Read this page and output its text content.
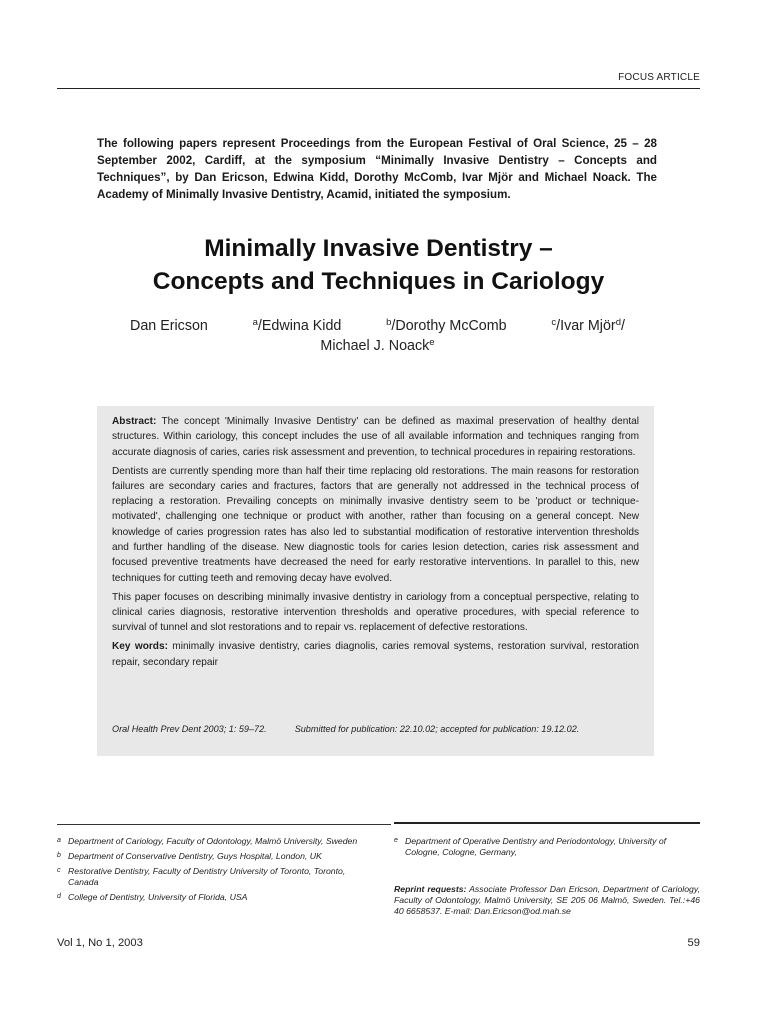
FOCUS ARTICLE
The following papers represent Proceedings from the European Festival of Oral Science, 25 – 28 September 2002, Cardiff, at the symposium “Minimally Invasive Dentistry – Concepts and Techniques”, by Dan Ericson, Edwina Kidd, Dorothy McComb, Ivar Mjör and Michael Noack. The Academy of Minimally Invasive Dentistry, Acamid, initiated the symposium.
Minimally Invasive Dentistry –
Concepts and Techniques in Cariology
Dan Ericson	$^a$/Edwina Kidd	$^b$/Dorothy McComb	$^c$/Ivar Mjör$^d$/
Michael J. Noack$^e$

Abstract: The concept 'Minimally Invasive Dentistry' can be defined as maximal preservation of healthy dental structures. Within cariology, this concept includes the use of all available information and techniques ranging from accurate diagnosis of caries, caries risk assessment and prevention, to technical procedures in repairing restorations.

Dentists are currently spending more than half their time replacing old restorations. The main reasons for restoration failures are secondary caries and fractures, factors that are generally not addressed in the technical process of replacing a restoration. Prevailing concepts on minimally invasive dentistry seem to be 'product or technique-motivated', challenging one technique or product with another, rather than focusing on a general concept. New knowledge of caries progression rates has also led to substantial modification of restorative intervention thresholds and further handling of the disease. New diagnostic tools for caries lesion detection, caries risk assessment and focused preventive treatments have decreased the need for early restorative interventions. In parallel to this, new techniques for cutting teeth and removing decay have evolved.

This paper focuses on describing minimally invasive dentistry in cariology from a conceptual perspective, relating to clinical caries diagnosis, restorative intervention thresholds and operative procedures, with special reference to survival of tunnel and slot restorations and to repair vs. replacement of defective restorations.

Key words: minimally invasive dentistry, caries diagnolis, caries removal systems, restoration survival, restoration repair, secondary repair

Oral Health Prev Dent 2003; 1: 59–72.	Submitted for publication: 22.10.02; accepted for publication: 19.12.02.
a Department of Cariology, Faculty of Odontology, Malmö University, Sweden
b Department of Conservative Dentistry, Guys Hospital, London, UK
c Restorative Dentistry, Faculty of Dentistry University of Toronto, Toronto, Canada
d College of Dentistry, University of Florida, USA
e Department of Operative Dentistry and Periodontology, University of Cologne, Cologne, Germany,
Reprint requests: Associate Professor Dan Ericson, Department of Cariology, Faculty of Odontology, Malmö University, SE 205 06 Malmö, Sweden. Tel.:+46 40 6658537. E-mail: Dan.Ericson@od.mah.se
Vol 1, No 1, 2003	59
